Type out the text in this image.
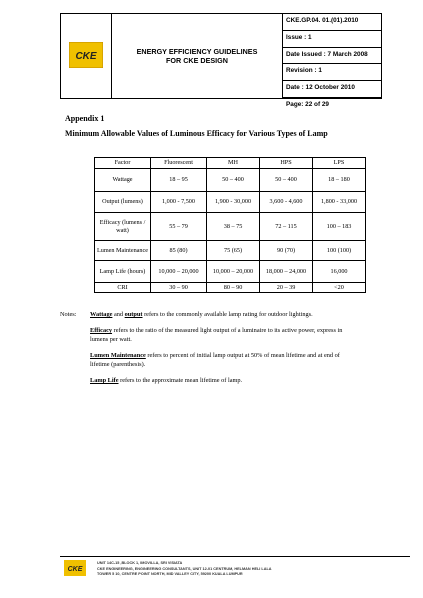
CKE	ENERGY EFFICIENCY GUIDELINES
FOR CKE DESIGN
CKE.GP.04. 01.(01).2010
Issue : 1
Date Issued : 7 March 2008
Revision : 1
Date : 12 October 2010
Page: 22 of 29
Appendix 1
Minimum Allowable Values of Luminous Efficacy for Various Types of Lamp
Factor	Fluorescent	MH	HPS	LPS
Wattage	18 – 95	50 – 400	50 – 400	18 – 180
Output (lumens)	1,000 - 7,500	1,900 - 30,000	3,600 - 4,600	1,800 - 33,000
Efficacy (lumens / watt)	55 – 79	38 – 75	72 – 115	100 – 183
Lumen Maintenance	85 (80)	75 (65)	90 (70)	100 (100)
Lamp Life (hours)	10,000 – 20,000	10,000 – 20,000	18,000 – 24,000	16,000
CRI	30 – 90	80 – 90	20 – 39	<20
Notes: Wattage and output refers to the commonly available lamp rating for outdoor lightings.

Efficacy refers to the ratio of the measured light output of a luminaire to its active power, express in lumens per watt.

Lumen Maintenance refers to percent of initial lamp output at 50% of mean lifetime and at end of lifetime (parenthesis).

Lamp Life refers to the approximate mean lifetime of lamp.

CKE
UNIT 14C-15 ,BLOCK 1, IMOVILLA, SRI VISIATA
CKE ENGINEERING, ENGINEERING CONSULTANTS, UNIT 12-01 CENTRUM, HELMAN HELI LALA
TOWER 5 10, CENTRE POINT NORTH, MID VALLEY CITY, 59200 KUALA LUMPUR
